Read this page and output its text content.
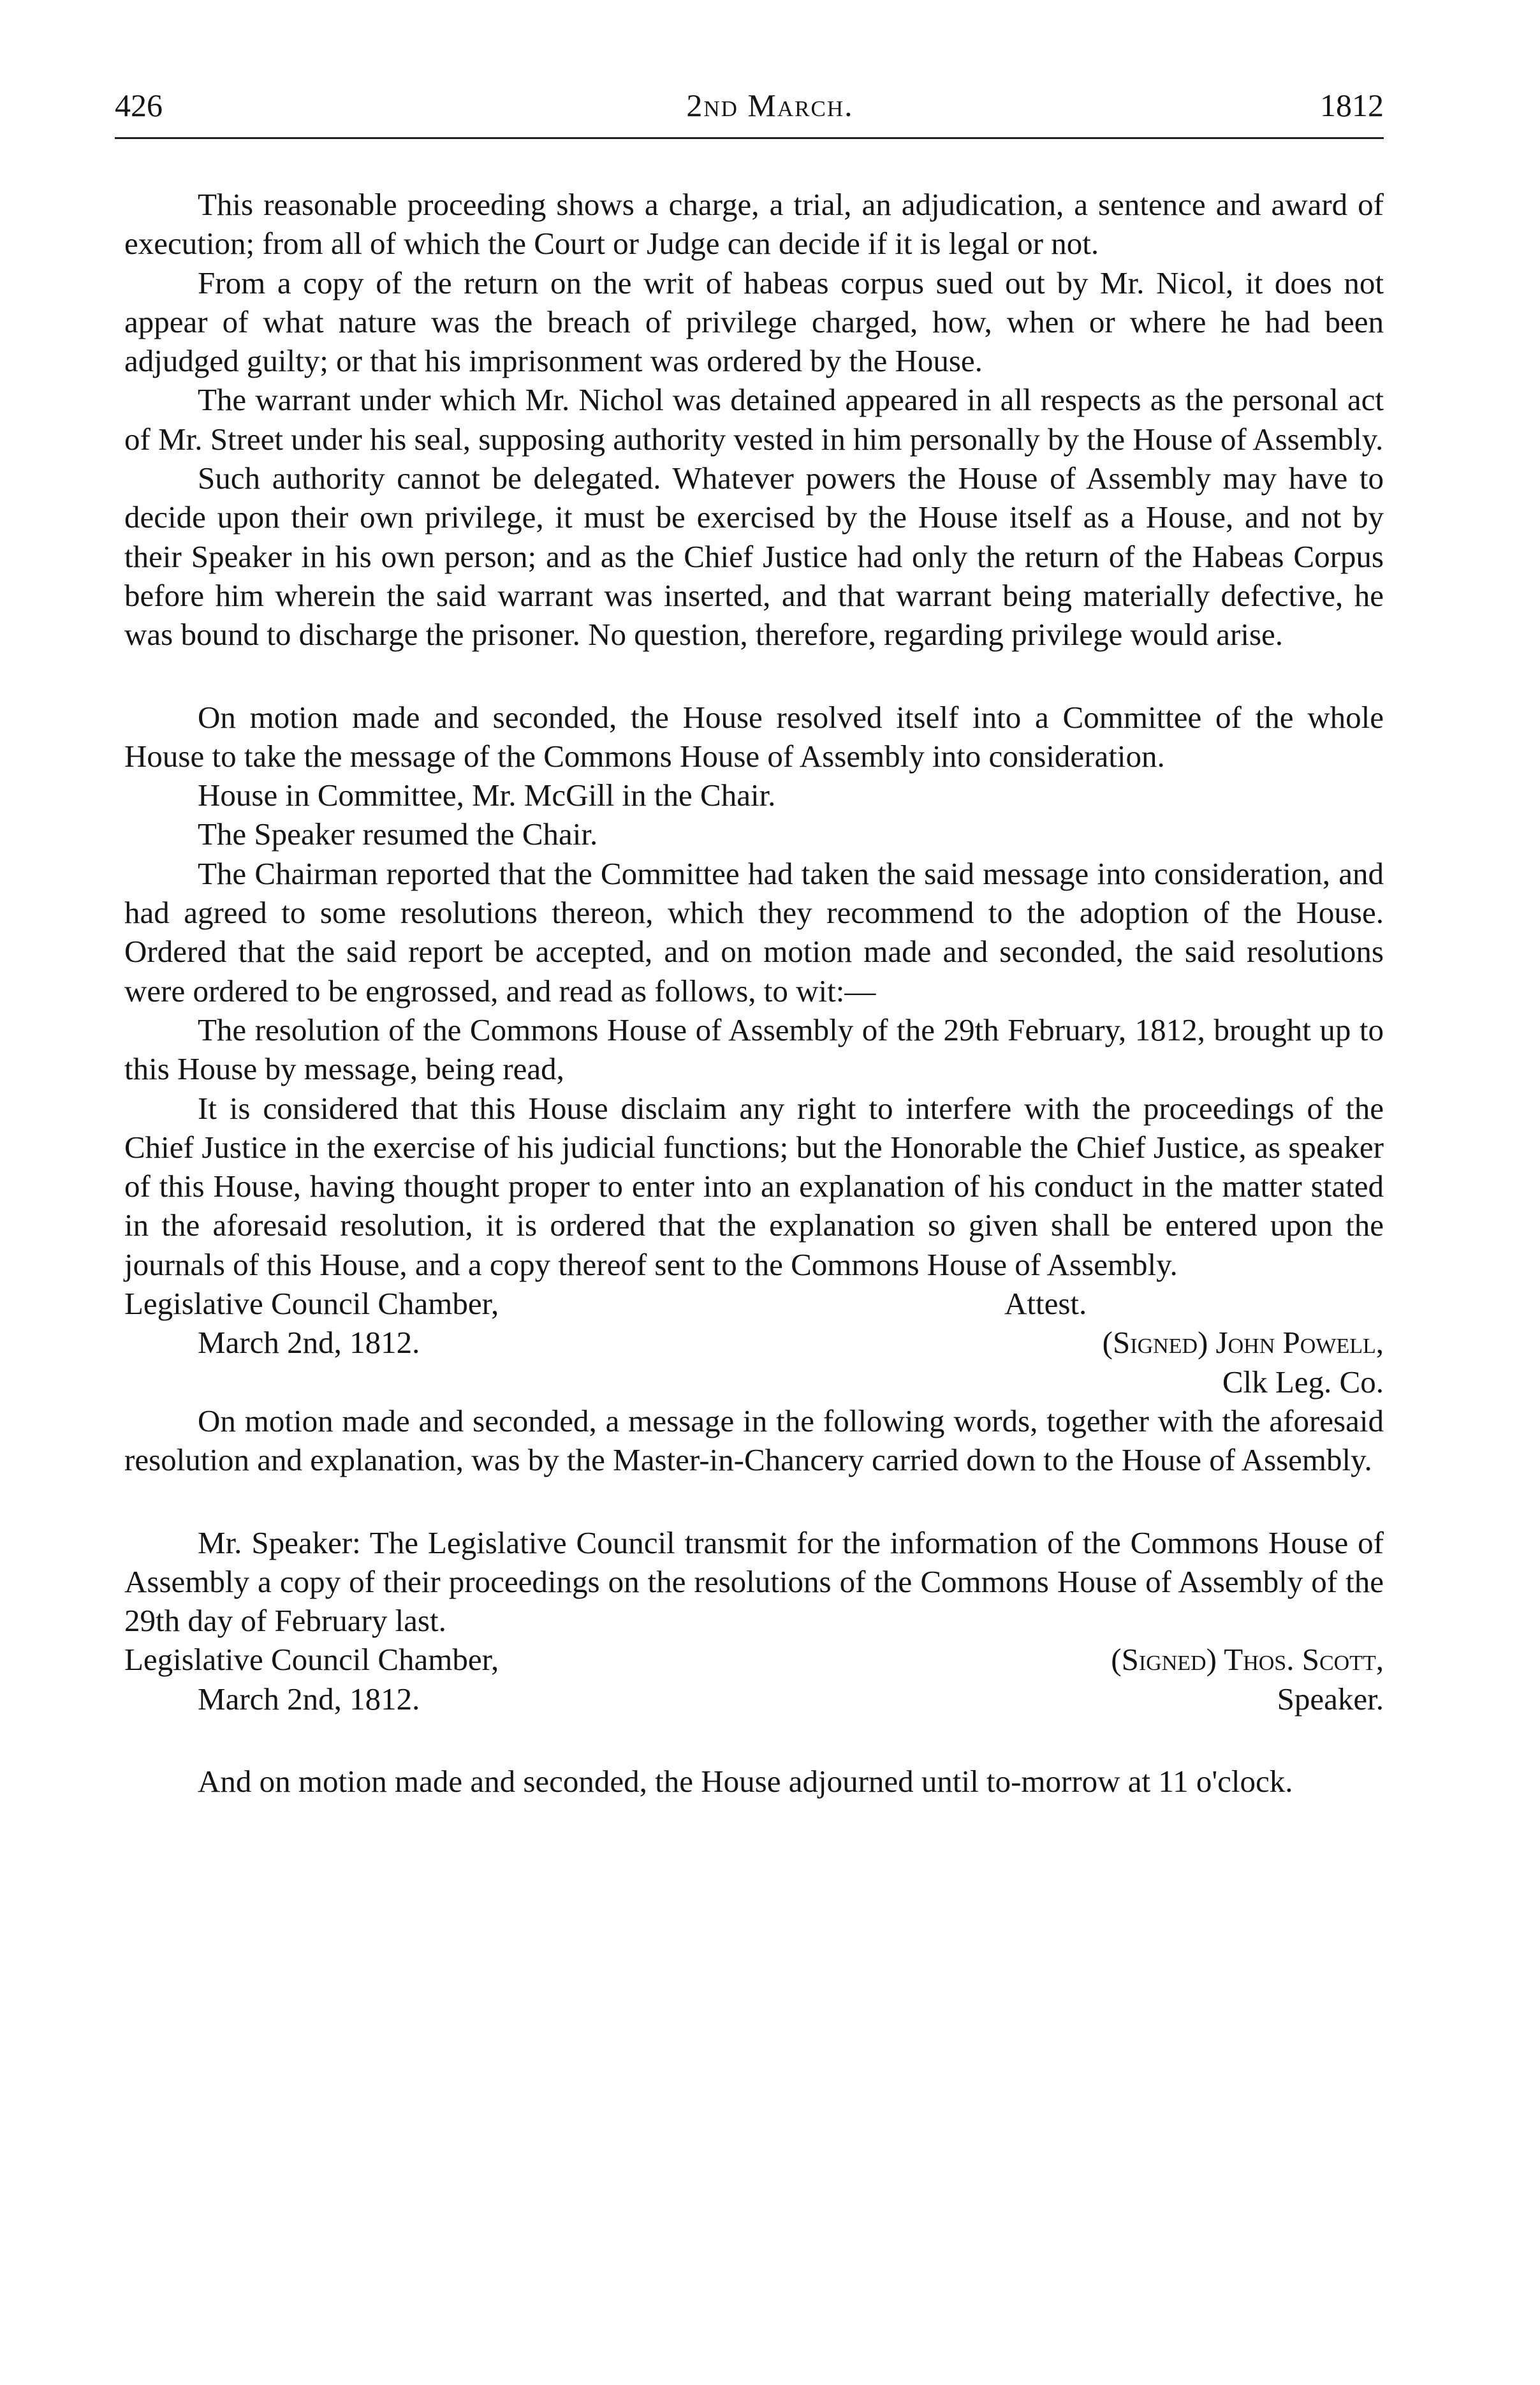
426	2nd March.	1812

This reasonable proceeding shows a charge, a trial, an adjudication, a sentence and award of execution; from all of which the Court or Judge can decide if it is legal or not.

From a copy of the return on the writ of habeas corpus sued out by Mr. Nicol, it does not appear of what nature was the breach of privilege charged, how, when or where he had been adjudged guilty; or that his imprisonment was ordered by the House.

The warrant under which Mr. Nichol was detained appeared in all respects as the personal act of Mr. Street under his seal, supposing authority vested in him personally by the House of Assembly.

Such authority cannot be delegated. Whatever powers the House of Assembly may have to decide upon their own privilege, it must be exercised by the House itself as a House, and not by their Speaker in his own person; and as the Chief Justice had only the return of the Habeas Corpus before him wherein the said warrant was inserted, and that warrant being materially defective, he was bound to discharge the prisoner. No question, therefore, regarding privilege would arise.

On motion made and seconded, the House resolved itself into a Committee of the whole House to take the message of the Commons House of Assembly into consideration.

House in Committee, Mr. McGill in the Chair.

The Speaker resumed the Chair.

The Chairman reported that the Committee had taken the said message into consideration, and had agreed to some resolutions thereon, which they recommend to the adoption of the House. Ordered that the said report be accepted, and on motion made and seconded, the said resolutions were ordered to be engrossed, and read as follows, to wit:—

The resolution of the Commons House of Assembly of the 29th February, 1812, brought up to this House by message, being read,

It is considered that this House disclaim any right to interfere with the proceedings of the Chief Justice in the exercise of his judicial functions; but the Honorable the Chief Justice, as speaker of this House, having thought proper to enter into an explanation of his conduct in the matter stated in the aforesaid resolution, it is ordered that the explanation so given shall be entered upon the journals of this House, and a copy thereof sent to the Commons House of Assembly.

Legislative Council Chamber,	Attest.
March 2nd, 1812.	(Signed) John Powell,
Clk Leg. Co.

On motion made and seconded, a message in the following words, together with the aforesaid resolution and explanation, was by the Master-in-Chancery carried down to the House of Assembly.

Mr. Speaker: The Legislative Council transmit for the information of the Commons House of Assembly a copy of their proceedings on the resolutions of the Commons House of Assembly of the 29th day of February last.

Legislative Council Chamber,	(Signed) Thos. Scott,
March 2nd, 1812.	Speaker.

And on motion made and seconded, the House adjourned until to-morrow at 11 o'clock.
